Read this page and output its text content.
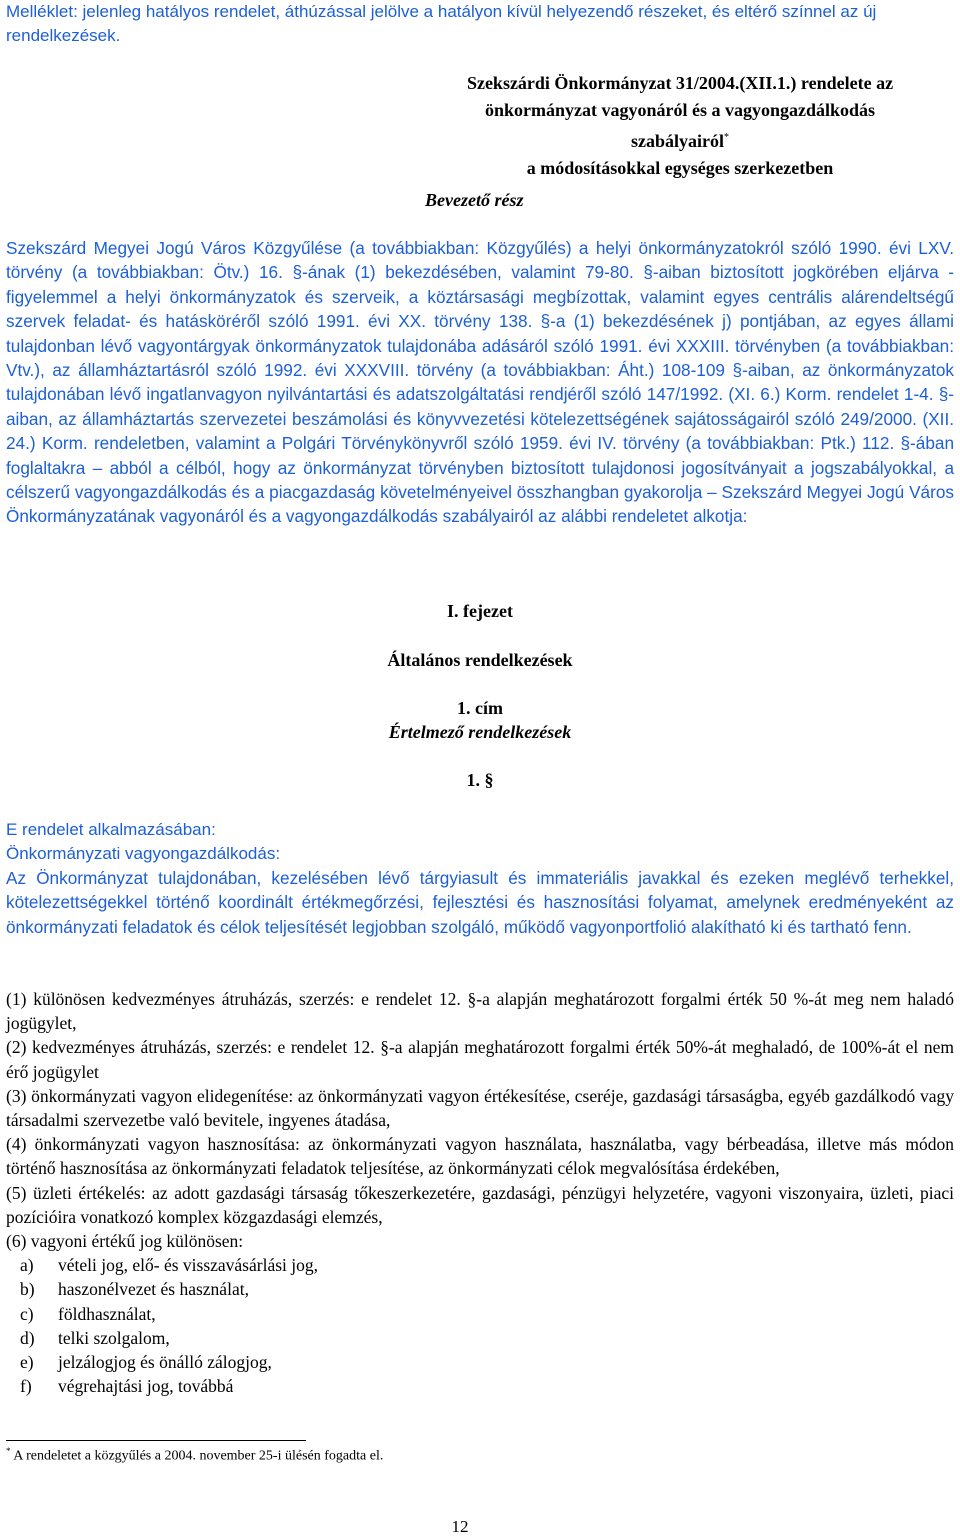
Melléklet: jelenleg hatályos rendelet, áthúzással jelölve a hatályon kívül helyezendő részeket, és eltérő színnel az új rendelkezések.
Szekszárdi Önkormányzat 31/2004.(XII.1.) rendelete az
önkormányzat vagyonáról és a vagyongazdálkodás
szabályairól*
a módosításokkal egységes szerkezetben
Bevezető rész
Szekszárd Megyei Jogú Város Közgyűlése (a továbbiakban: Közgyűlés) a helyi önkormányzatokról szóló 1990. évi LXV. törvény (a továbbiakban: Ötv.) 16. §-ának (1) bekezdésében, valamint 79-80. §-aiban biztosított jogkörében eljárva - figyelemmel a helyi önkormányzatok és szerveik, a köztársasági megbízottak, valamint egyes centrális alárendeltségű szervek feladat- és hatásköréről szóló 1991. évi XX. törvény 138. §-a (1) bekezdésének j) pontjában, az egyes állami tulajdonban lévő vagyontárgyak önkormányzatok tulajdonába adásáról szóló 1991. évi XXXIII. törvényben (a továbbiakban: Vtv.), az államháztartásról szóló 1992. évi XXXVIII. törvény (a továbbiakban: Áht.) 108-109 §-aiban, az önkormányzatok tulajdonában lévő ingatlanvagyon nyilvántartási és adatszolgáltatási rendjéről szóló 147/1992. (XI. 6.) Korm. rendelet 1-4. §-aiban, az államháztartás szervezetei beszámolási és könyvvezetési kötelezettségének sajátosságairól szóló 249/2000. (XII. 24.) Korm. rendeletben, valamint a Polgári Törvénykönyvről szóló 1959. évi IV. törvény (a továbbiakban: Ptk.) 112. §-ában foglaltakra – abból a célból, hogy az önkormányzat törvényben biztosított tulajdonosi jogosítványait a jogszabályokkal, a célszerű vagyongazdálkodás és a piacgazdaság követelményeivel összhangban gyakorolja – Szekszárd Megyei Jogú Város Önkormányzatának vagyonáról és a vagyongazdálkodás szabályairól az alábbi rendeletet alkotja:
I. fejezet
Általános rendelkezések
1. cím
Értelmező rendelkezések
1. §
E rendelet alkalmazásában:
Önkormányzati vagyongazdálkodás:
Az Önkormányzat tulajdonában, kezelésében lévő tárgyiasult és immateriális javakkal és ezeken meglévő terhekkel, kötelezettségekkel történő koordinált értékmegőrzési, fejlesztési és hasznosítási folyamat, amelynek eredményeként az önkormányzati feladatok és célok teljesítését legjobban szolgáló, működő vagyonportfolió alakítható ki és tartható fenn.
(1) különösen kedvezményes átruházás, szerzés: e rendelet 12. §-a alapján meghatározott forgalmi érték 50 %-át meg nem haladó jogügylet,
(2) kedvezményes átruházás, szerzés: e rendelet 12. §-a alapján meghatározott forgalmi érték 50%-át meghaladó, de 100%-át el nem érő jogügylet
(3) önkormányzati vagyon elidegenítése: az önkormányzati vagyon értékesítése, cseréje, gazdasági társaságba, egyéb gazdálkodó vagy társadalmi szervezetbe való bevitele, ingyenes átadása,
(4) önkormányzati vagyon hasznosítása: az önkormányzati vagyon használata, használatba, vagy bérbeadása, illetve más módon történő hasznosítása az önkormányzati feladatok teljesítése, az önkormányzati célok megvalósítása érdekében,
(5) üzleti értékelés: az adott gazdasági társaság tőkeszerkezetére, gazdasági, pénzügyi helyzetére, vagyoni viszonyaira, üzleti, piaci pozícióira vonatkozó komplex közgazdasági elemzés,
(6) vagyoni értékű jog különösen:
a)	vételi jog, elő- és visszavásárlási jog,
b)	haszonélvezet és használat,
c)	földhasználat,
d)	telki szolgalom,
e)	jelzálogjog és önálló zálogjog,
f)	végrehajtási jog, továbbá
* A rendeletet a közgyűlés a 2004. november 25-i ülésén fogadta el.
12
